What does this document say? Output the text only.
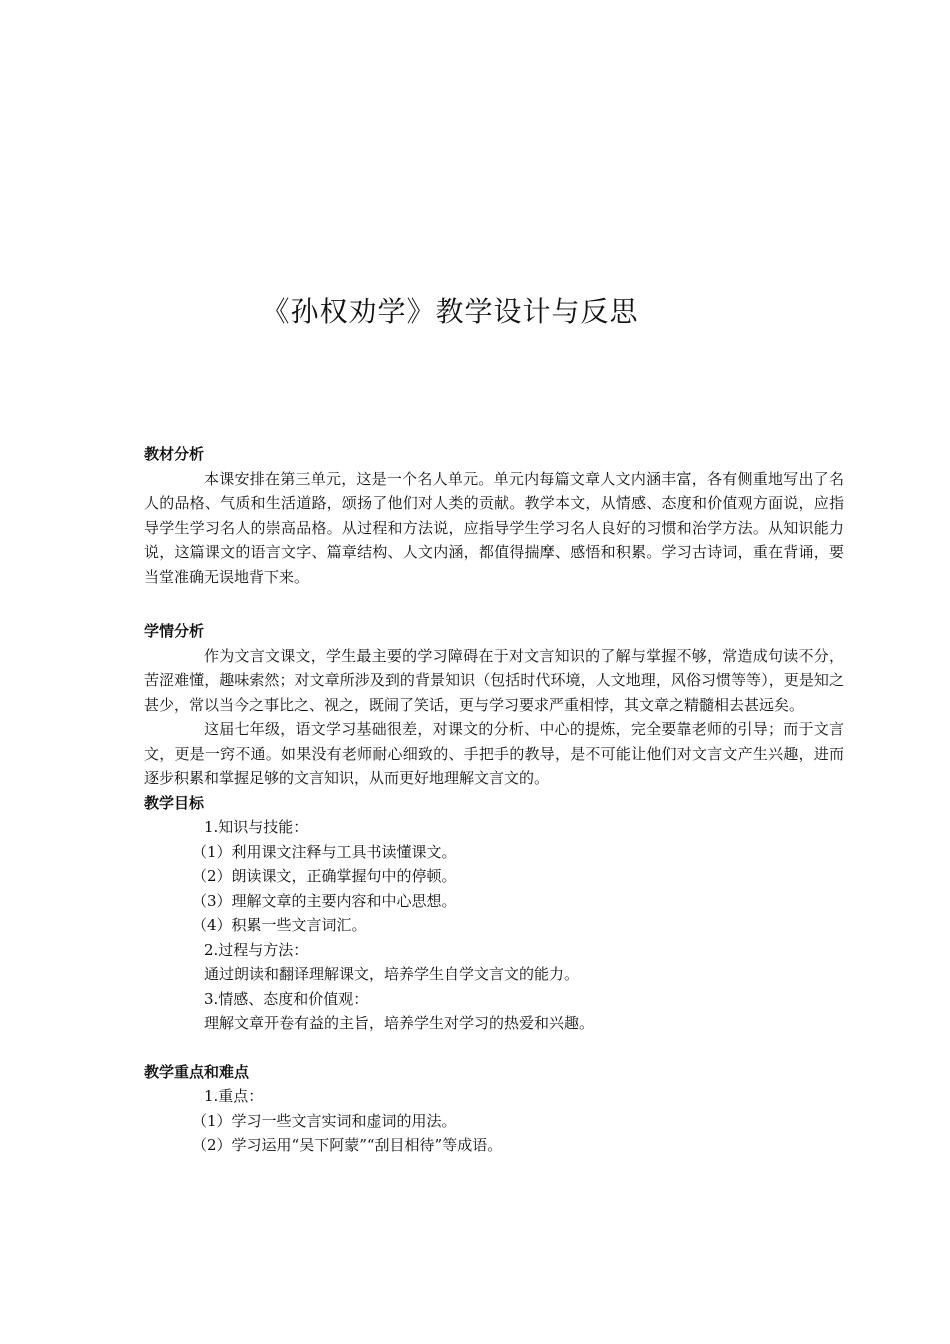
《孙权劝学》教学设计与反思
教材分析

本课安排在第三单元，这是一个名人单元。单元内每篇文章人文内涵丰富，各有侧重地写出了名人的品格、气质和生活道路，颂扬了他们对人类的贡献。教学本文，从情感、态度和价值观方面说，应指导学生学习名人的崇高品格。从过程和方法说，应指导学生学习名人良好的习惯和治学方法。从知识能力说，这篇课文的语言文字、篇章结构、人文内涵，都值得揣摩、感悟和积累。学习古诗词，重在背诵，要当堂准确无误地背下来。

学情分析

作为文言文课文，学生最主要的学习障碍在于对文言知识的了解与掌握不够，常造成句读不分，苦涩难懂，趣味索然；对文章所涉及到的背景知识（包括时代环境，人文地理，风俗习惯等等），更是知之甚少，常以当今之事比之、视之，既闹了笑话，更与学习要求严重相悖，其文章之精髓相去甚远矣。

这届七年级，语文学习基础很差，对课文的分析、中心的提炼，完全要靠老师的引导；而于文言文，更是一窍不通。如果没有老师耐心细致的、手把手的教导，是不可能让他们对文言文产生兴趣，进而逐步积累和掌握足够的文言知识，从而更好地理解文言文的。

教学目标

1.知识与技能：

（1）利用课文注释与工具书读懂课文。

（2）朗读课文，正确掌握句中的停顿。

（3）理解文章的主要内容和中心思想。

（4）积累一些文言词汇。

2.过程与方法：

通过朗读和翻译理解课文，培养学生自学文言文的能力。

3.情感、态度和价值观：

理解文章开卷有益的主旨，培养学生对学习的热爱和兴趣。

教学重点和难点

1.重点：

（1）学习一些文言实词和虚词的用法。

（2）学习运用“吴下阿蒙”“刮目相待”等成语。
